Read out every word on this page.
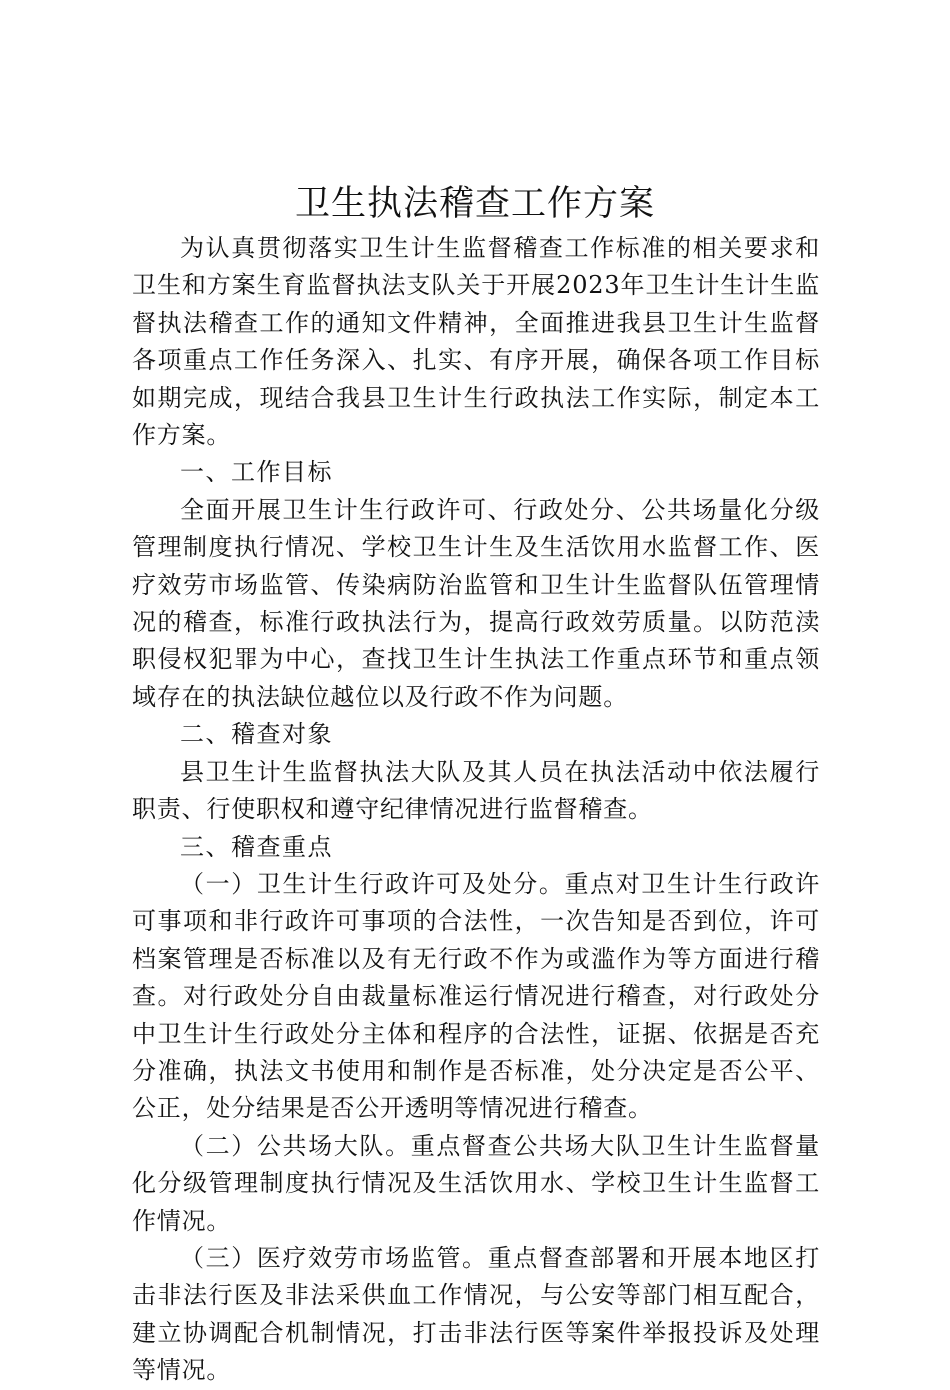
卫生执法稽查工作方案

为认真贯彻落实卫生计生监督稽查工作标准的相关要求和卫生和方案生育监督执法支队关于开展2023年卫生计生计生监督执法稽查工作的通知文件精神，全面推进我县卫生计生监督各项重点工作任务深入、扎实、有序开展，确保各项工作目标如期完成，现结合我县卫生计生行政执法工作实际，制定本工作方案。

一、工作目标

全面开展卫生计生行政许可、行政处分、公共场量化分级管理制度执行情况、学校卫生计生及生活饮用水监督工作、医疗效劳市场监管、传染病防治监管和卫生计生监督队伍管理情况的稽查，标准行政执法行为，提高行政效劳质量。以防范渎职侵权犯罪为中心，查找卫生计生执法工作重点环节和重点领域存在的执法缺位越位以及行政不作为问题。

二、稽查对象

县卫生计生监督执法大队及其人员在执法活动中依法履行职责、行使职权和遵守纪律情况进行监督稽查。

三、稽查重点

（一）卫生计生行政许可及处分。重点对卫生计生行政许可事项和非行政许可事项的合法性，一次告知是否到位，许可档案管理是否标准以及有无行政不作为或滥作为等方面进行稽查。对行政处分自由裁量标准运行情况进行稽查，对行政处分中卫生计生行政处分主体和程序的合法性，证据、依据是否充分准确，执法文书使用和制作是否标准，处分决定是否公平、公正，处分结果是否公开透明等情况进行稽查。

（二）公共场大队。重点督查公共场大队卫生计生监督量化分级管理制度执行情况及生活饮用水、学校卫生计生监督工作情况。

（三）医疗效劳市场监管。重点督查部署和开展本地区打击非法行医及非法采供血工作情况，与公安等部门相互配合，建立协调配合机制情况，打击非法行医等案件举报投诉及处理等情况。
